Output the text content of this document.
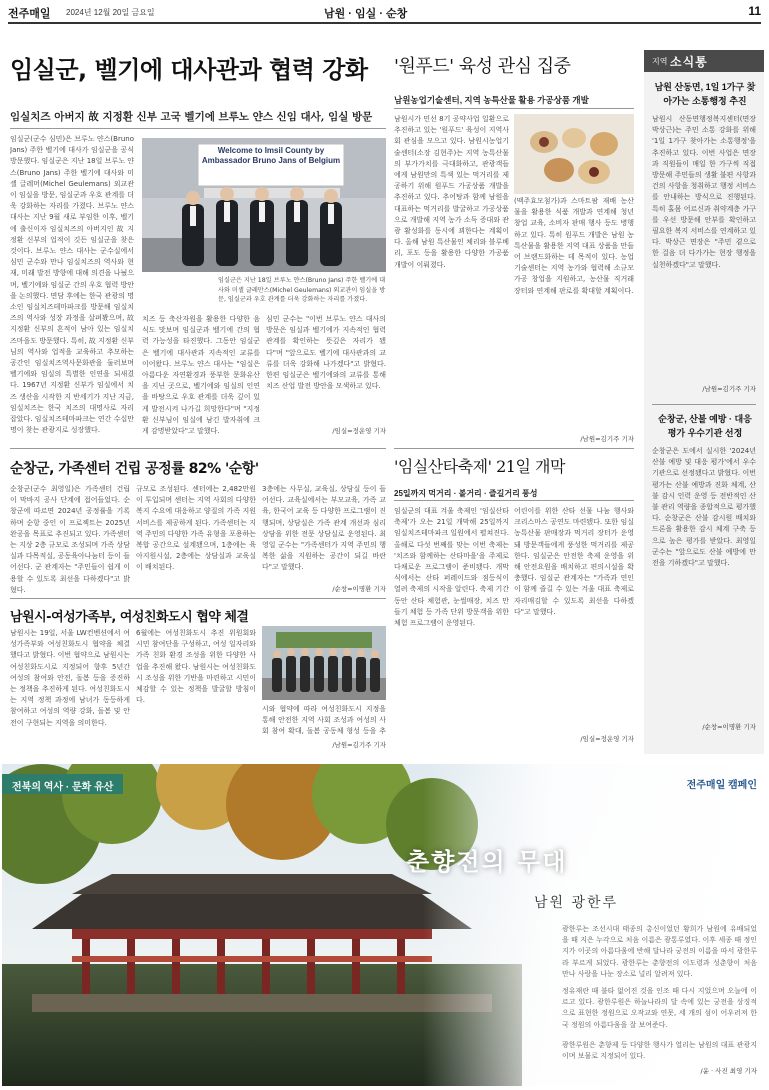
전주매일 2024년 12월 20일 금요일	남원 · 임실 · 순창	11
임실군, 벨기에 대사관과 협력 강화
임실치즈 아버지 故 지정환 신부 고국 벨기에 브루노 얀스 신임 대사, 임실 방문
임실군(군수 심민)은 브루노 얀스(Bruno Jans) 주한 벨기에 대사가 임실군을 공식 방문했다. 임실군은 지난 18일 브루노 얀스(Bruno Jans) 주한 벨기에 대사와 미셸 글레머(Michel Geulemans) 외교관이 임실을 방문, 임실군과 우호 관계를 더욱 강화하는 자리를 가졌다. 브루노 얀스 대사는 지난 9월 새로 부임한 이후, 벨기에 출신이자 임실치즈의 아버지인 故 지정환 신부의 업적이 깃든 임실군을 찾은 것이다. 브루노 얀스 대사는 군수실에서 심민 군수와 만나 임실치즈의 역사와 현재, 미래 발전 방향에 대해 의견을 나눴으며, 벨기에와 임실군 간의 우호 협력 방안을 논의했다. 면담 후에는 한국 관광의 명소인 임실치즈테마파크를 방문해 임실치즈의 역사와 성장 과정을 살펴봤으며, 故 지정환 신부의 흔적이 남아 있는 임실치즈마을도 방문했다. 특히, 故 지정환 신부님의 역사와 업적을 교육하고 추모하는 공간인 임실치즈역사문화관을 둘러보며 벨기에와 임실의 특별한 인연을 되새겼다. 1967년 지정환 신부가 임실에서 치즈 생산을 시작한 지 반세기가 지난 지금, 임실치즈는 한국 치즈의 대명사로 자리 잡았다. 임실치즈테마파크는 연간 수십만 명이 찾는 관광지로 성장했다.
Welcome to Imsil County by
Ambassador Bruno Jans of Belgium
임실군은 지난 18일 브루노 얀스(Bruno Jans) 주한 벨기에 대사와 미셸 글레만스(Michel Geulemans) 외교관이 임실을 방문, 임실군과 우호 관계를 더욱 강화하는 자리를 가졌다.
치즈 등 축산자원을 활용한 다양한 음식도 맛보며 임실군과 벨기에 간의 협력 가능성을 타진했다. 그동안 임실군은 벨기에 대사관과 지속적인 교류를 이어왔다. 브루노 얀스 대사는 "임실은 아름다운 자연환경과 풍부한 문화유산을 지닌 곳으로, 벨기에와 임실의 인연을 바탕으로 우호 관계를 더욱 깊이 있게 발전시켜 나가길 희망한다"며 "지정환 신부님이 임실에 남긴 발자취에 크게 감명받았다"고 말했다.
심민 군수는 "이번 브루노 얀스 대사의 방문은 임실과 벨기에가 지속적인 협력 관계를 확인하는 뜻깊은 자리가 됐다"며 "앞으로도 벨기에 대사관과의 교류를 더욱 강화해 나가겠다"고 밝혔다. 한편 임실군은 벨기에와의 교류를 통해 치즈 산업 발전 방안을 모색하고 있다.
/임실=정운영 기자
'원푸드' 육성 관심 집중
남원농업기술센터, 지역 농특산물 활용 가공상품 개발
남원시가 민선 8기 공약사업 일환으로 추진하고 있는 '원푸드' 육성이 지역사회 관심을 모으고 있다. 남원시농업기술센터(소장 김현주)는 지역 농특산물의 부가가치를 극대화하고, 관광객들에게 남원만의 특색 있는 먹거리를 제공하기 위해 원푸드 가공상품 개발을 추진하고 있다. 추어탕과 함께 남원을 대표하는 먹거리를 발굴하고 가공상품으로 개발해 지역 농가 소득 증대와 관광 활성화를 동시에 꾀한다는 계획이다. 올해 남원 특산물인 체리와 블루베리, 포도 등을 활용한 다양한 가공품 개발이 이뤄졌다.
(맥주효모첨가)과 스마트팜 재배 농산물을 활용한 식품 개발과 연계해 청년 창업 교육, 소비자 판매 행사 등도 병행하고 있다. 특히 원푸드 개발은 남원 농특산물을 활용한 지역 대표 상품을 만들어 브랜드화하는 데 목적이 있다. 농업기술센터는 지역 농가와 협력해 소규모 가공 창업을 지원하고, 농산물 직거래 장터와 연계해 판로를 확대할 계획이다.
/남원=김기주 기자
'임실산타축제' 21일 개막
25일까지 먹거리 · 볼거리 · 즐길거리 풍성
임실군의 대표 겨울 축제인 '임실산타축제'가 오는 21일 개막해 25일까지 임실치즈테마파크 일원에서 펼쳐진다. 올해로 다섯 번째를 맞는 이번 축제는 '치즈와 함께하는 산타마을'을 주제로 다채로운 프로그램이 준비됐다. 개막식에서는 산타 퍼레이드와 점등식이 열려 축제의 시작을 알린다. 축제 기간 동안 산타 체험관, 눈썰매장, 치즈 만들기 체험 등 가족 단위 방문객을 위한 체험 프로그램이 운영된다.
어린이를 위한 산타 선물 나눔 행사와 크리스마스 공연도 마련됐다. 또한 임실 농특산물 판매장과 먹거리 장터가 운영돼 방문객들에게 풍성한 먹거리를 제공한다. 임실군은 안전한 축제 운영을 위해 안전요원을 배치하고 편의시설을 확충했다. 임실군 관계자는 "가족과 연인이 함께 즐길 수 있는 겨울 대표 축제로 자리매김할 수 있도록 최선을 다하겠다"고 말했다.
/임실=정운영 기자
순창군, 가족센터 건립 공정률 82% '순항'
순창군(군수 최영일)은 가족센터 건립이 막바지 공사 단계에 접어들었다. 순창군에 따르면 2024년 공정률을 기록하며 순항 중인 이 프로젝트는 2025년 완공을 목표로 추진되고 있다. 가족센터는 지상 2층 규모로 조성되며 가족 상담실과 다목적실, 공동육아나눔터 등이 들어선다. 군 관계자는 "주민들이 쉽게 이용할 수 있도록 최선을 다하겠다"고 밝혔다.
규모로 조성된다. 센터에는 2,482만원이 투입되며 센터는 지역 사회의 다양한 복지 수요에 대응하고 양질의 가족 지원 서비스를 제공하게 된다. 가족센터는 지역 주민의 다양한 가족 유형을 포용하는 복합 공간으로 설계됐으며, 1층에는 육아지원시설, 2층에는 상담실과 교육실이 배치된다.
3층에는 사무실, 교육실, 상담실 등이 들어선다. 교육실에서는 부모교육, 가족 교육, 한국어 교육 등 다양한 프로그램이 진행되며, 상담실은 가족 관계 개선과 심리 상담을 위한 전문 상담실로 운영된다. 최영일 군수는 "가족센터가 지역 주민의 행복한 삶을 지원하는 공간이 되길 바란다"고 말했다.
/순창=이명환 기자
남원시-여성가족부, 여성친화도시 협약 체결
남원시는 19일, 서울 LW컨벤션에서 여성가족부와 여성친화도시 협약을 체결했다고 밝혔다. 이번 협약으로 남원시는 여성친화도시로 지정되어 향후 5년간 여성의 참여와 안전, 돌봄 등을 증진하는 정책을 추진하게 된다. 여성친화도시는 지역 정책 과정에 남녀가 동등하게 참여하고 여성의 역량 강화, 돌봄 및 안전이 구현되는 지역을 의미한다.
6월에는 여성친화도시 추진 위원회와 시민 참여단을 구성하고, 여성 일자리와 가족 친화 환경 조성을 위한 다양한 사업을 추진해 왔다. 남원시는 여성친화도시 조성을 위한 기반을 마련하고 시민이 체감할 수 있는 정책을 발굴할 방침이다.
시와 협약에 따라 여성친화도시 지정을 통해 안전한 지역 사회 조성과 여성의 사회 참여 확대, 돌봄 공동체 형성 등을 추
/남원=김기주 기자
지역 소식통
남원 산동면, 1일 1가구 찾아가는 소통행정 추진
남원시 산동면행정복지센터(면장 박상근)는 주민 소통 강화를 위해 '1일 1가구 찾아가는 소통행정'을 추진하고 있다. 이번 사업은 면장과 직원들이 매일 한 가구씩 직접 방문해 주민들의 생활 불편 사항과 건의 사항을 청취하고 행정 서비스를 안내하는 방식으로 진행된다. 특히 홀몸 어르신과 취약계층 가구를 우선 방문해 안부를 확인하고 필요한 복지 서비스를 연계하고 있다. 박상근 면장은 "주민 곁으로 한 걸음 더 다가가는 현장 행정을 실천하겠다"고 말했다.
/남원=김기주 기자
순창군, 산불 예방 · 대응 평가 우수기관 선정
순창군은 도에서 실시한 '2024년 산불 예방 및 대응 평가'에서 우수기관으로 선정됐다고 밝혔다. 이번 평가는 산불 예방과 진화 체계, 산불 감시 인력 운영 등 전반적인 산불 관리 역량을 종합적으로 평가했다. 순창군은 산불 감시원 배치와 드론을 활용한 감시 체계 구축 등으로 높은 평가를 받았다. 최영일 군수는 "앞으로도 산불 예방에 만전을 기하겠다"고 말했다.
/순창=이명환 기자
전북의 역사 · 문화 유산	전주매일 캠페인
춘향전의 무대
남원 광한루
광한루는 조선시대 태종의 총신이었던 황희가 남원에 유배되었을 때 지은 누각으로 처음 이름은 광통루였다. 이후 세종 때 정인지가 이곳의 아름다움에 반해 달나라 궁전의 이름을 따서 광한루라 부르게 되었다. 광한루는 춘향전의 이도령과 성춘향이 처음 만나 사랑을 나눈 장소로 널리 알려져 있다.
정유재란 때 불타 없어진 것을 인조 때 다시 지었으며 오늘에 이르고 있다. 광한루원은 하늘나라의 달 속에 있는 궁전을 상징적으로 표현한 정원으로 오작교와 연못, 세 개의 섬이 어우러져 한국 정원의 아름다움을 잘 보여준다.
광한루원은 춘향제 등 다양한 행사가 열리는 남원의 대표 관광지이며 보물로 지정되어 있다.
/윤 · 사진 최영 기자
